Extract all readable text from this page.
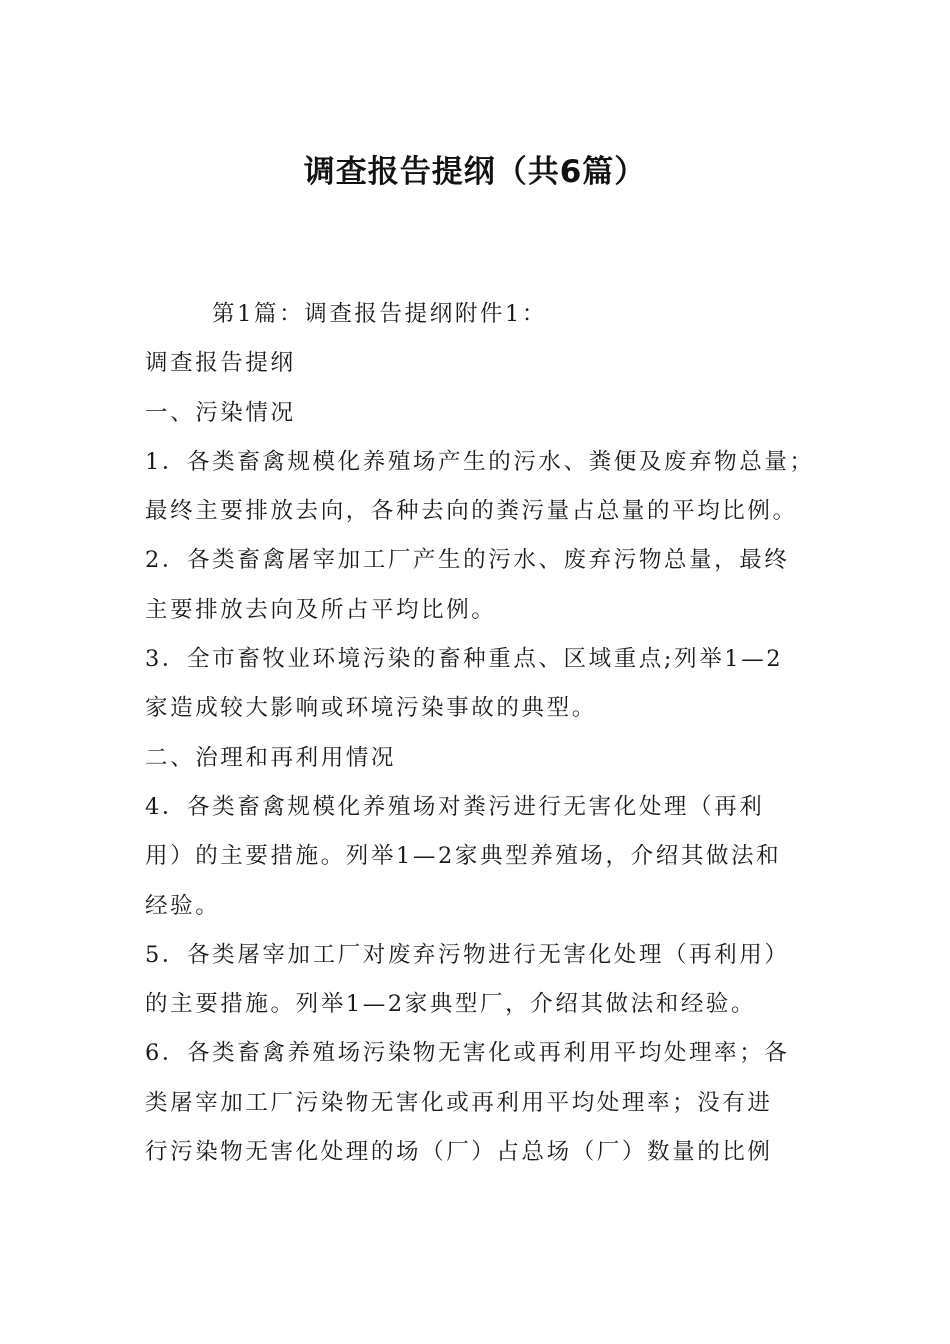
调查报告提纲（共6篇）
第1篇：调查报告提纲附件1：
调查报告提纲
一、污染情况
1．各类畜禽规模化养殖场产生的污水、粪便及废弃物总量；
最终主要排放去向，各种去向的粪污量占总量的平均比例。
2．各类畜禽屠宰加工厂产生的污水、废弃污物总量，最终
主要排放去向及所占平均比例。
3．全市畜牧业环境污染的畜种重点、区域重点;列举1—2
家造成较大影响或环境污染事故的典型。
二、治理和再利用情况
4．各类畜禽规模化养殖场对粪污进行无害化处理（再利
用）的主要措施。列举1—2家典型养殖场，介绍其做法和
经验。
5．各类屠宰加工厂对废弃污物进行无害化处理（再利用）
的主要措施。列举1—2家典型厂，介绍其做法和经验。
6．各类畜禽养殖场污染物无害化或再利用平均处理率；各
类屠宰加工厂污染物无害化或再利用平均处理率；没有进
行污染物无害化处理的场（厂）占总场（厂）数量的比例
